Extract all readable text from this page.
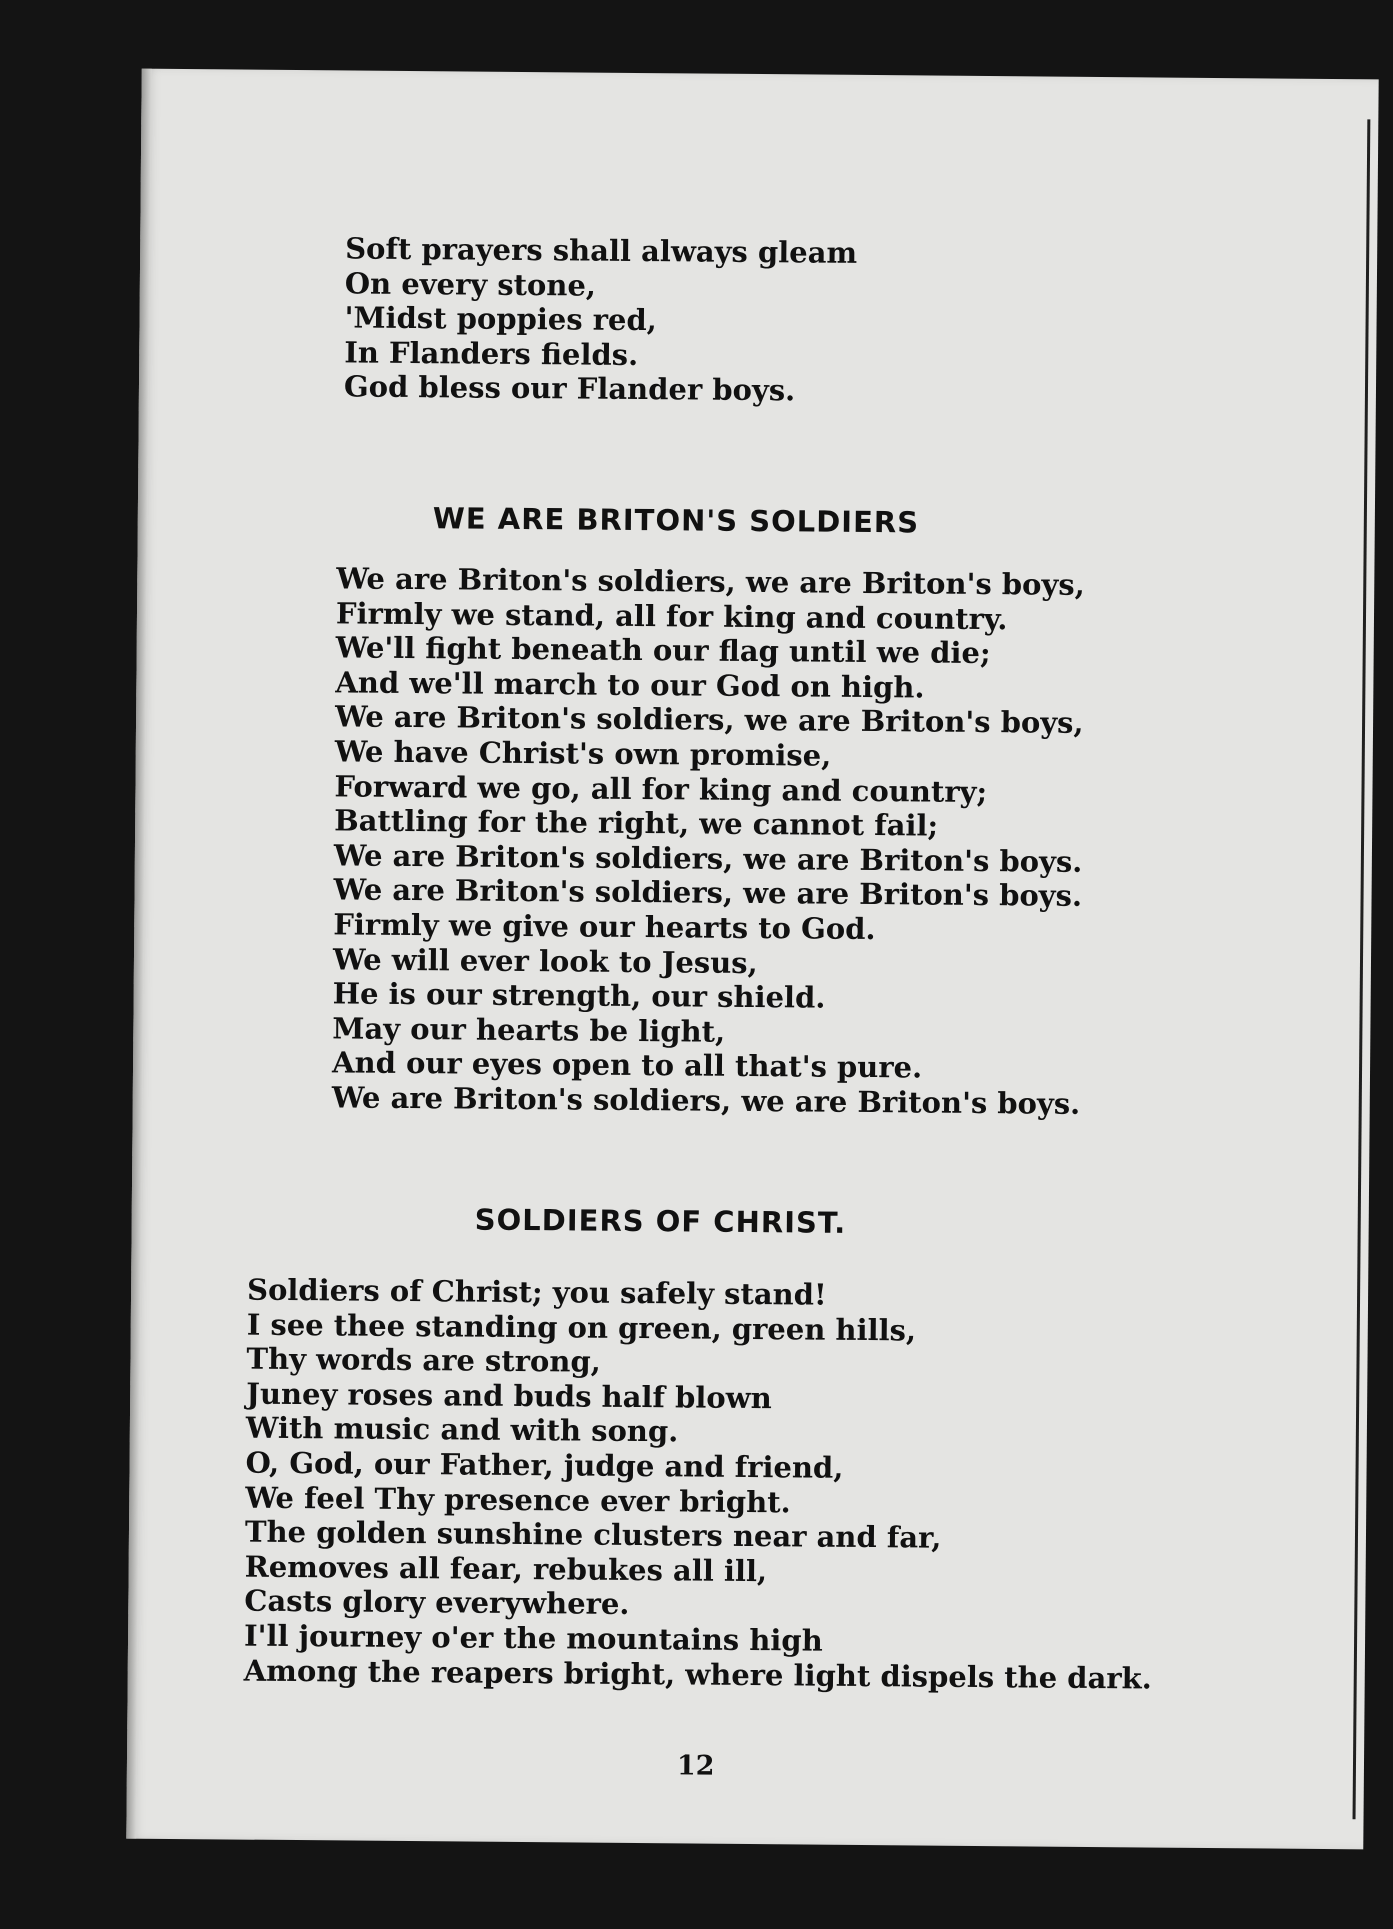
Soft prayers shall always gleam
On every stone,
'Midst poppies red,
In Flanders fields.
God bless our Flander boys.
WE ARE BRITON'S SOLDIERS
We are Briton's soldiers, we are Briton's boys,
Firmly we stand, all for king and country.
We'll fight beneath our flag until we die;
And we'll march to our God on high.
We are Briton's soldiers, we are Briton's boys,
We have Christ's own promise,
Forward we go, all for king and country;
Battling for the right, we cannot fail;
We are Briton's soldiers, we are Briton's boys.
We are Briton's soldiers, we are Briton's boys.
Firmly we give our hearts to God.
We will ever look to Jesus,
He is our strength, our shield.
May our hearts be light,
And our eyes open to all that's pure.
We are Briton's soldiers, we are Briton's boys.
SOLDIERS OF CHRIST.
Soldiers of Christ; you safely stand!
I see thee standing on green, green hills,
Thy words are strong,
Juney roses and buds half blown
With music and with song.
O, God, our Father, judge and friend,
We feel Thy presence ever bright.
The golden sunshine clusters near and far,
Removes all fear, rebukes all ill,
Casts glory everywhere.
I'll journey o'er the mountains high
Among the reapers bright, where light dispels the dark.
12
